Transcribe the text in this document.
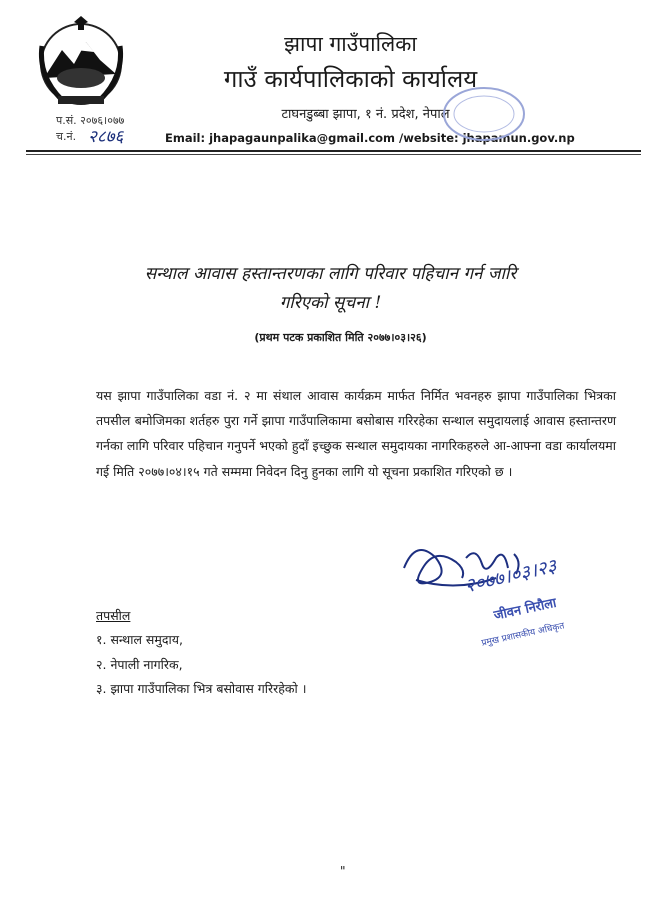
प.सं. २०७६।०७७
च.नं. २८७६
झापा गाउँपालिका
गाउँ कार्यपालिकाको कार्यालय
टाघनडुब्बा झापा, १ नं. प्रदेश, नेपाल
Email: jhapagaunpalika@gmail.com /website: jhapamun.gov.np
सन्थाल आवास हस्तान्तरणका लागि परिवार पहिचान गर्न जारि
गरिएको सूचना !
(प्रथम पटक प्रकाशित मिति २०७७।०३।२६)
यस झापा गाउँपालिका वडा नं. २ मा संथाल आवास कार्यक्रम मार्फत निर्मित भवनहरु झापा गाउँपालिका भित्रका तपसील बमोजिमका शर्तहरु पुरा गर्ने झापा गाउँपालिकामा बसोबास गरिरहेका सन्थाल समुदायलाई आवास हस्तान्तरण गर्नका लागि परिवार पहिचान गनुपर्ने भएको हुदाँ इच्छुक सन्थाल समुदायका नागरिकहरुले आ-आफ्ना वडा कार्यालयमा गई मिति २०७७।०४।१५ गते सम्ममा निवेदन दिनु हुनका लागि यो सूचना प्रकाशित गरिएको छ ।
२०७७।०३।२३
जीवन निरौला
प्रमुख प्रशासकीय अधिकृत
तपसील
१. सन्थाल समुदाय,
२. नेपाली नागरिक,
३. झापा गाउँपालिका भित्र बसोवास गरिरहेको ।
"
